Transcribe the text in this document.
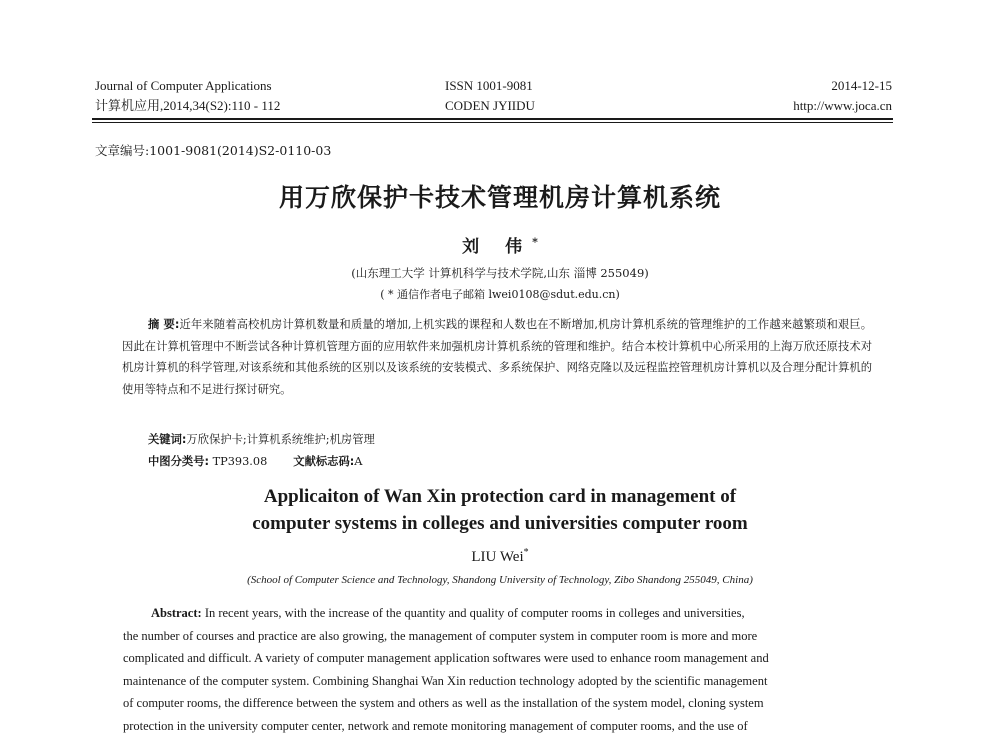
Journal of Computer Applications
计算机应用,2014,34(S2):110 - 112
ISSN 1001-9081
CODEN JYIIDU
2014-12-15
http://www.joca.cn
文章编号:1001-9081(2014)S2-0110-03
用万欣保护卡技术管理机房计算机系统
刘 伟*
(山东理工大学 计算机科学与技术学院,山东 淄博 255049)
( * 通信作者电子邮箱 lwei0108@sdut.edu.cn)
摘 要:近年来随着高校机房计算机数量和质量的增加,上机实践的课程和人数也在不断增加,机房计算机系统的管理维护的工作越来越繁琐和艰巨。因此在计算机管理中不断尝试各种计算机管理方面的应用软件来加强机房计算机系统的管理和维护。结合本校计算机中心所采用的上海万欣还原技术对机房计算机的科学管理,对该系统和其他系统的区别以及该系统的安装模式、多系统保护、网络克隆以及远程监控管理机房计算机以及合理分配计算机的使用等特点和不足进行探讨研究。
关键词:万欣保护卡;计算机系统维护;机房管理
中图分类号: TP393.08 文献标志码:A
Applicaiton of Wan Xin protection card in management of
computer systems in colleges and universities computer room
LIU Wei*
(School of Computer Science and Technology, Shandong University of Technology, Zibo Shandong 255049, China)
Abstract: In recent years, with the increase of the quantity and quality of computer rooms in colleges and universities,
the number of courses and practice are also growing, the management of computer system in computer room is more and more
complicated and difficult. A variety of computer management application softwares were used to enhance room management and
maintenance of the computer system. Combining Shanghai Wan Xin reduction technology adopted by the scientific management
of computer rooms, the difference between the system and others as well as the installation of the system model, cloning system
protection in the university computer center, network and remote monitoring management of computer rooms, and the use of
